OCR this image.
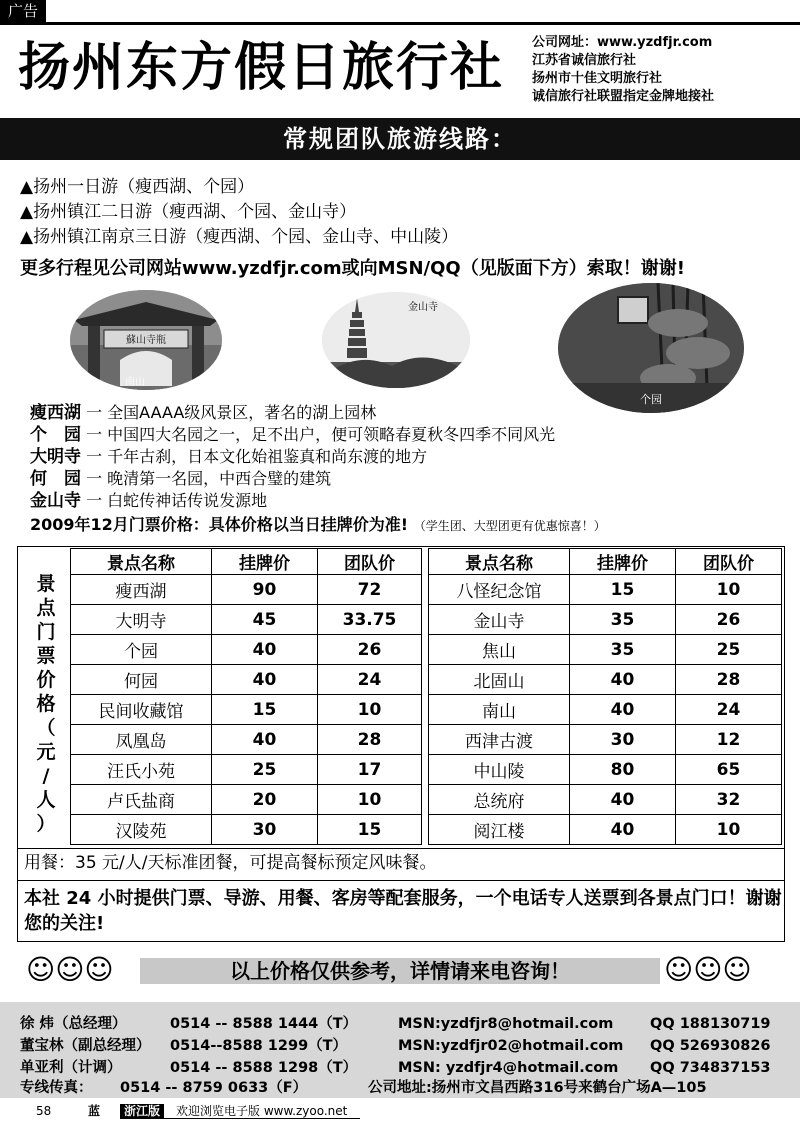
广告
扬州东方假日旅行社 公司网址：www.yzdfjr.com
江苏省诚信旅行社
扬州市十佳文明旅行社
诚信旅行社联盟指定金牌地接社
常规团队旅游线路：
▲扬州一日游（瘦西湖、个园）
▲扬州镇江二日游（瘦西湖、个园、金山寺）
▲扬州镇江南京三日游（瘦西湖、个园、金山寺、中山陵）
更多行程见公司网站www.yzdfjr.com或向MSN/QQ（见版面下方）索取！谢谢!
蘇山寺瓶
南山
金山寺
个园
瘦西湖 一 全国AAAA级风景区，著名的湖上园林
个　园 一 中国四大名园之一，足不出户，便可领略春夏秋冬四季不同风光
大明寺 一 千年古刹，日本文化始祖鉴真和尚东渡的地方
何　园 一 晚清第一名园，中西合璧的建筑
金山寺 一 白蛇传神话传说发源地
2009年12月门票价格：具体价格以当日挂牌价为准! （学生团、大型团更有优惠惊喜！）
景
点
门
票
价
格
（
元
/
人
）
景点名称	挂牌价	团队价
瘦西湖	90	72
大明寺	45	33.75
个园	40	26
何园	40	24
民间收藏馆	15	10
凤凰岛	40	28
汪氏小苑	25	17
卢氏盐商	20	10
汉陵苑	30	15
景点名称	挂牌价	团队价
八怪纪念馆	15	10
金山寺	35	26
焦山	35	25
北固山	40	28
南山	40	24
西津古渡	30	12
中山陵	80	65
总统府	40	32
阅江楼	40	10
用餐：35 元/人/天标准团餐，可提高餐标预定风味餐。
本社 24 小时提供门票、导游、用餐、客房等配套服务，一个电话专人送票到各景点门口！谢谢您的关注!
☺☺☺	以上价格仅供参考，详情请来电咨询！	☺☺☺
徐 炜（总经理）	0514 -- 8588 1444（T）	MSN:yzdfjr8@hotmail.com	QQ 188130719
董宝林（副总经理） 0514--8588 1299（T）	MSN:yzdfjr02@hotmail.com QQ 526930826
单亚利（计调）	0514 -- 8588 1298（T）	MSN: yzdfjr4@hotmail.com QQ 734837153
专线传真： 0514 -- 8759 0633（F）	公司地址:扬州市文昌西路316号来鹤台广场A—105
58	蓝	浙江版	欢迎浏览电子版 www.zyoo.net
